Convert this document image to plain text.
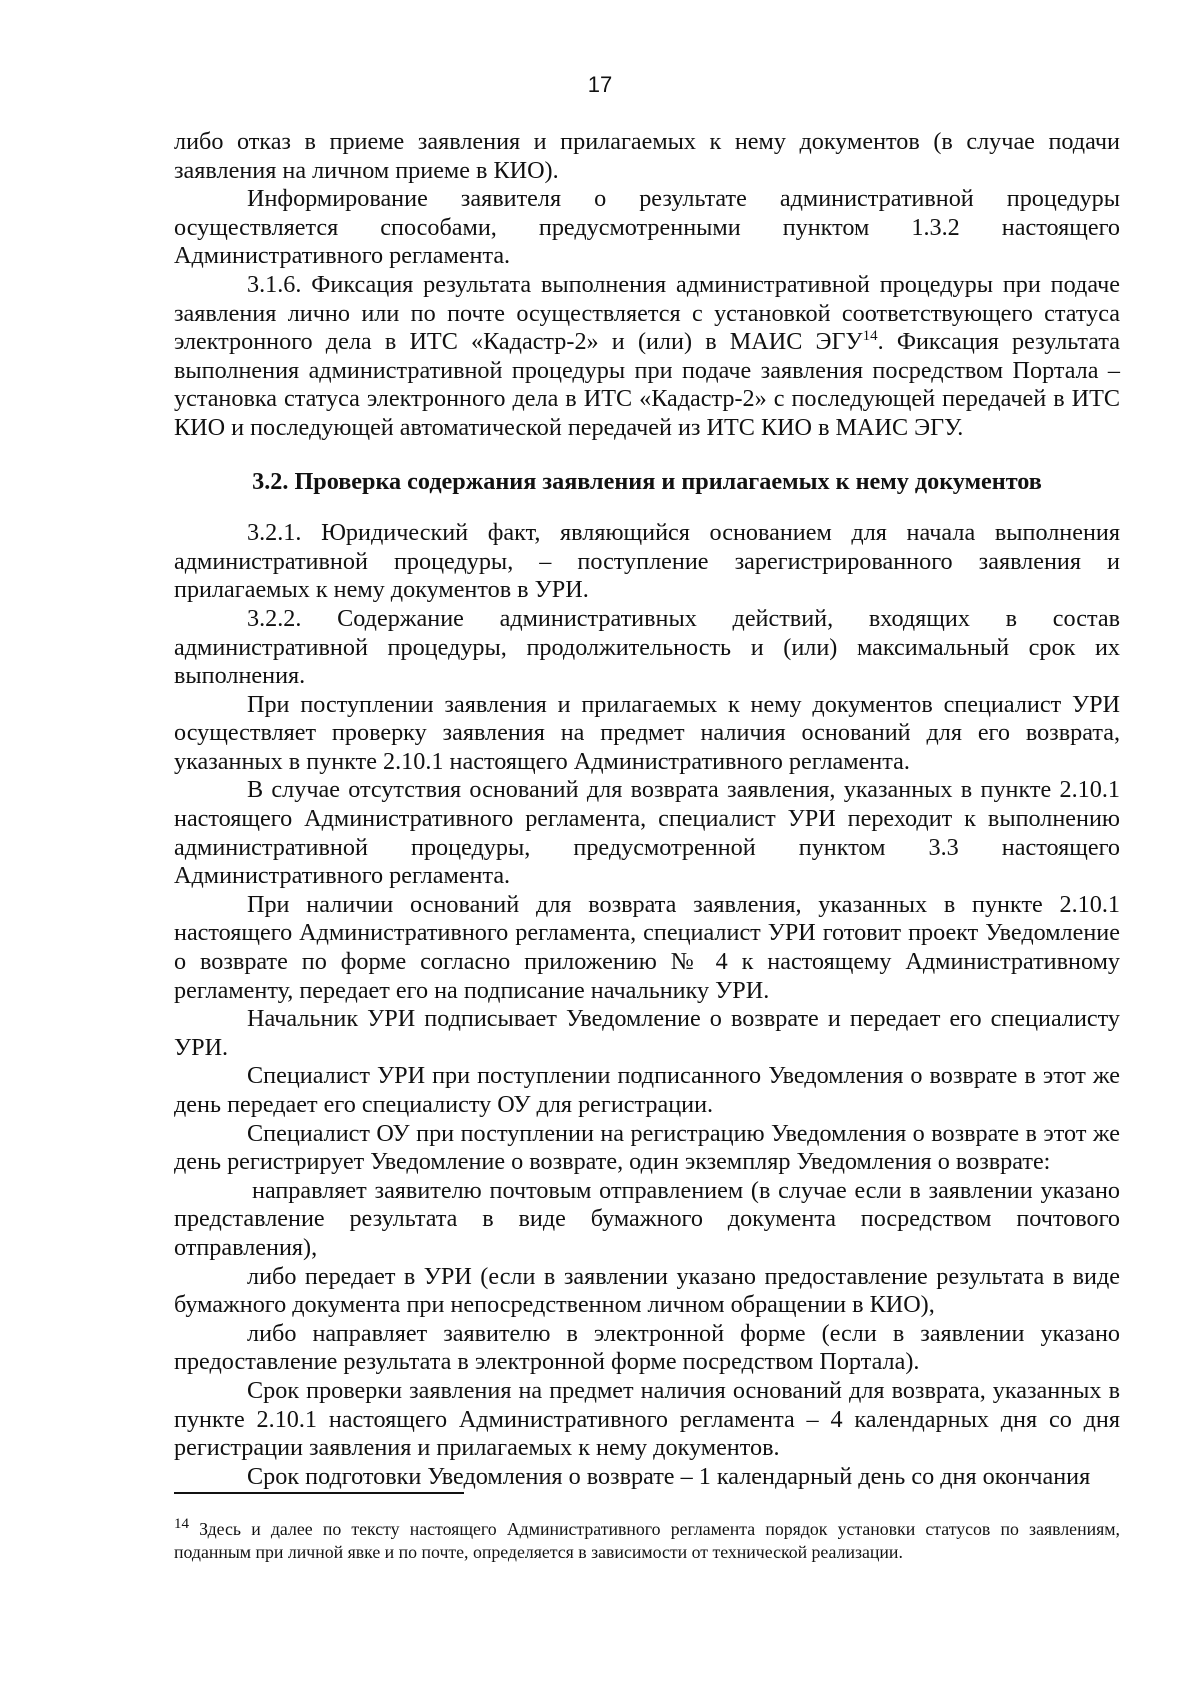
17

либо отказ в приеме заявления и прилагаемых к нему документов (в случае подачи заявления на личном приеме в КИО).

Информирование заявителя о результате административной процедуры осуществляется способами, предусмотренными пунктом 1.3.2 настоящего Административного регламента.

3.1.6. Фиксация результата выполнения административной процедуры при подаче заявления лично или по почте осуществляется с установкой соответствующего статуса электронного дела в ИТС «Кадастр-2» и (или) в МАИС ЭГУ$^{14}$. Фиксация результата выполнения административной процедуры при подаче заявления посредством Портала – установка статуса электронного дела в ИТС «Кадастр-2» с последующей передачей в ИТС КИО и последующей автоматической передачей из ИТС КИО в МАИС ЭГУ.

3.2. Проверка содержания заявления и прилагаемых к нему документов

3.2.1. Юридический факт, являющийся основанием для начала выполнения административной процедуры, – поступление зарегистрированного заявления и прилагаемых к нему документов в УРИ.

3.2.2. Содержание административных действий, входящих в состав административной процедуры, продолжительность и (или) максимальный срок их выполнения.

При поступлении заявления и прилагаемых к нему документов специалист УРИ осуществляет проверку заявления на предмет наличия оснований для его возврата, указанных в пункте 2.10.1 настоящего Административного регламента.

В случае отсутствия оснований для возврата заявления, указанных в пункте 2.10.1 настоящего Административного регламента, специалист УРИ переходит к выполнению административной процедуры, предусмотренной пунктом 3.3 настоящего Административного регламента.

При наличии оснований для возврата заявления, указанных в пункте 2.10.1 настоящего Административного регламента, специалист УРИ готовит проект Уведомление о возврате по форме согласно приложению № 4 к настоящему Административному регламенту, передает его на подписание начальнику УРИ.

Начальник УРИ подписывает Уведомление о возврате и передает его специалисту УРИ.

Специалист УРИ при поступлении подписанного Уведомления о возврате в этот же день передает его специалисту ОУ для регистрации.

Специалист ОУ при поступлении на регистрацию Уведомления о возврате в этот же день регистрирует Уведомление о возврате, один экземпляр Уведомления о возврате:

направляет заявителю почтовым отправлением (в случае если в заявлении указано представление результата в виде бумажного документа посредством почтового отправления),

либо передает в УРИ (если в заявлении указано предоставление результата в виде бумажного документа при непосредственном личном обращении в КИО),

либо направляет заявителю в электронной форме (если в заявлении указано предоставление результата в электронной форме посредством Портала).

Срок проверки заявления на предмет наличия оснований для возврата, указанных в пункте 2.10.1 настоящего Административного регламента – 4 календарных дня со дня регистрации заявления и прилагаемых к нему документов.

Срок подготовки Уведомления о возврате – 1 календарный день со дня окончания

$^{14}$ Здесь и далее по тексту настоящего Административного регламента порядок установки статусов по заявлениям, поданным при личной явке и по почте, определяется в зависимости от технической реализации.
